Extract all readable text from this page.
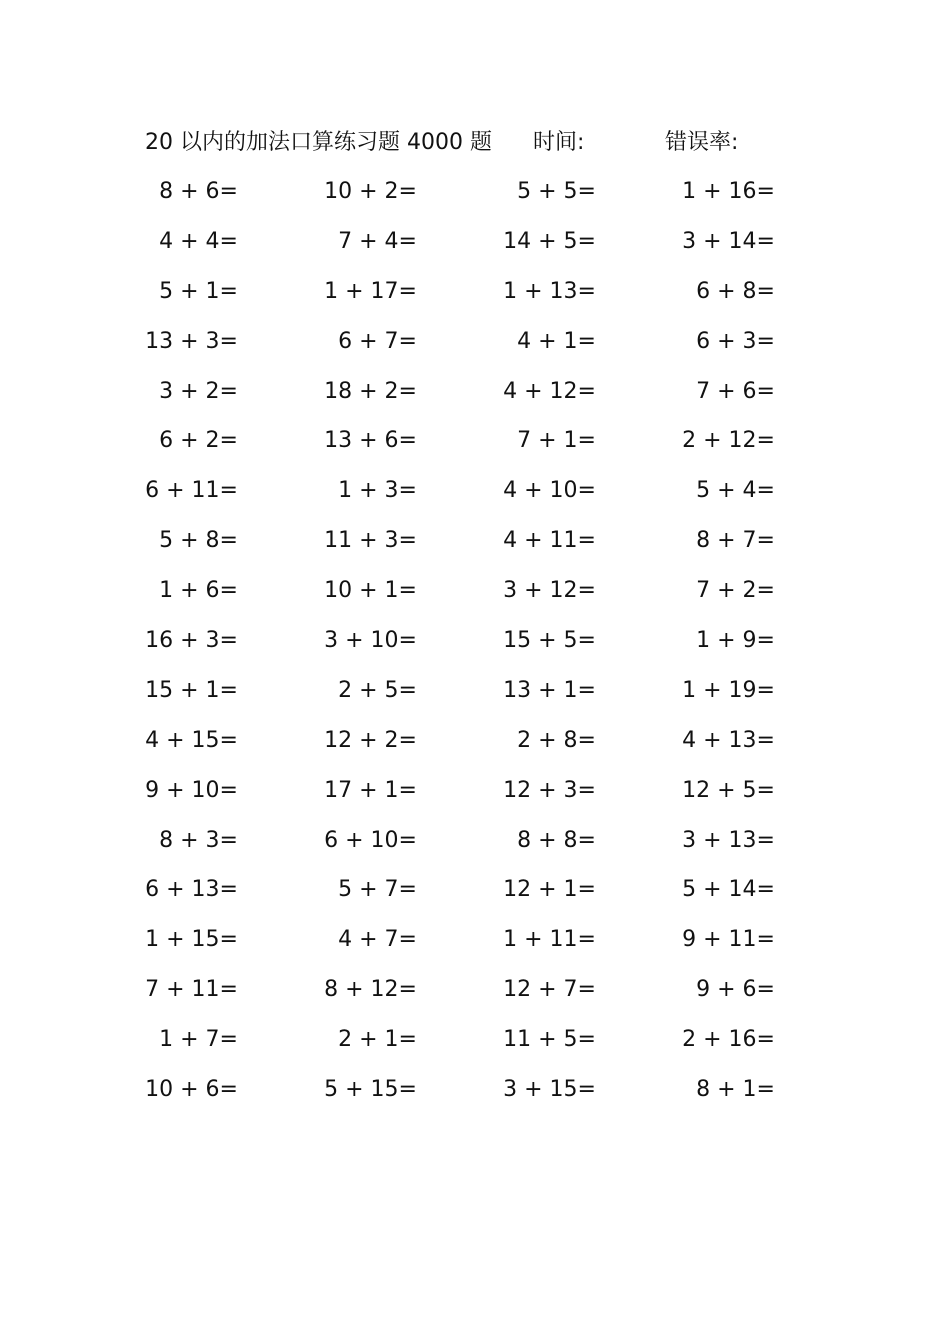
20 以内的加法口算练习题 4000 题 时间:	错误率:
8 + 6=	10 + 2=	5 + 5=	1 + 16=
4 + 4=	7 + 4=	14 + 5=	3 + 14=
5 + 1=	1 + 17=	1 + 13=	6 + 8=
13 + 3=	6 + 7=	4 + 1=	6 + 3=
3 + 2=	18 + 2=	4 + 12=	7 + 6=
6 + 2=	13 + 6=	7 + 1=	2 + 12=
6 + 11=	1 + 3=	4 + 10=	5 + 4=
5 + 8=	11 + 3=	4 + 11=	8 + 7=
1 + 6=	10 + 1=	3 + 12=	7 + 2=
16 + 3=	3 + 10=	15 + 5=	1 + 9=
15 + 1=	2 + 5=	13 + 1=	1 + 19=
4 + 15=	12 + 2=	2 + 8=	4 + 13=
9 + 10=	17 + 1=	12 + 3=	12 + 5=
8 + 3=	6 + 10=	8 + 8=	3 + 13=
6 + 13=	5 + 7=	12 + 1=	5 + 14=
1 + 15=	4 + 7=	1 + 11=	9 + 11=
7 + 11=	8 + 12=	12 + 7=	9 + 6=
1 + 7=	2 + 1=	11 + 5=	2 + 16=
10 + 6=	5 + 15=	3 + 15=	8 + 1=
